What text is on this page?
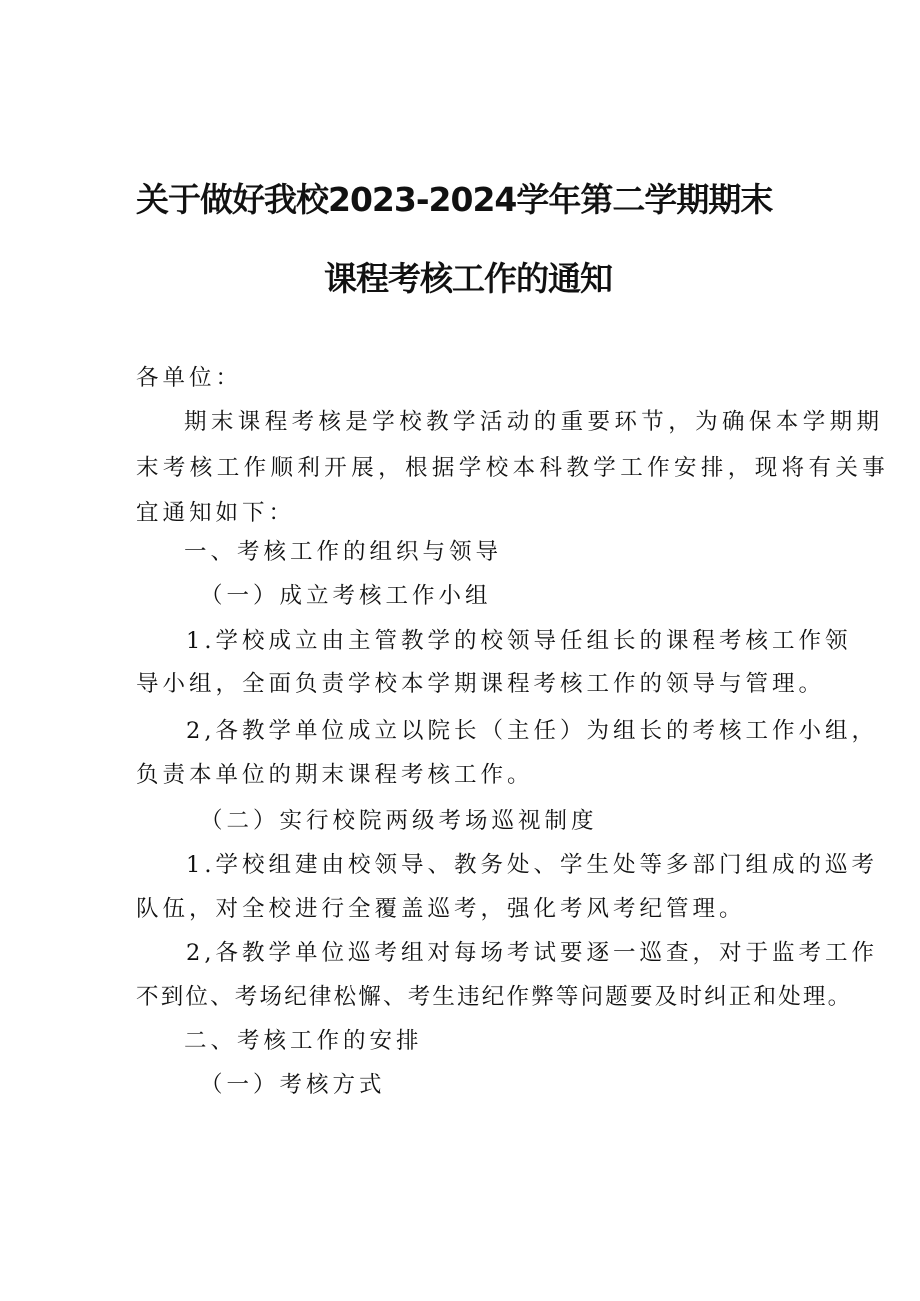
关于做好我校2023-2024学年第二学期期末
课程考核工作的通知
各单位：
期末课程考核是学校教学活动的重要环节，为确保本学期期
末考核工作顺利开展，根据学校本科教学工作安排，现将有关事
宜通知如下：
一、考核工作的组织与领导
（一）成立考核工作小组
1.学校成立由主管教学的校领导任组长的课程考核工作领
导小组，全面负责学校本学期课程考核工作的领导与管理。
2,各教学单位成立以院长（主任）为组长的考核工作小组，
负责本单位的期末课程考核工作。
（二）实行校院两级考场巡视制度
1.学校组建由校领导、教务处、学生处等多部门组成的巡考
队伍，对全校进行全覆盖巡考，强化考风考纪管理。
2,各教学单位巡考组对每场考试要逐一巡查，对于监考工作
不到位、考场纪律松懈、考生违纪作弊等问题要及时纠正和处理。
二、考核工作的安排
（一）考核方式
